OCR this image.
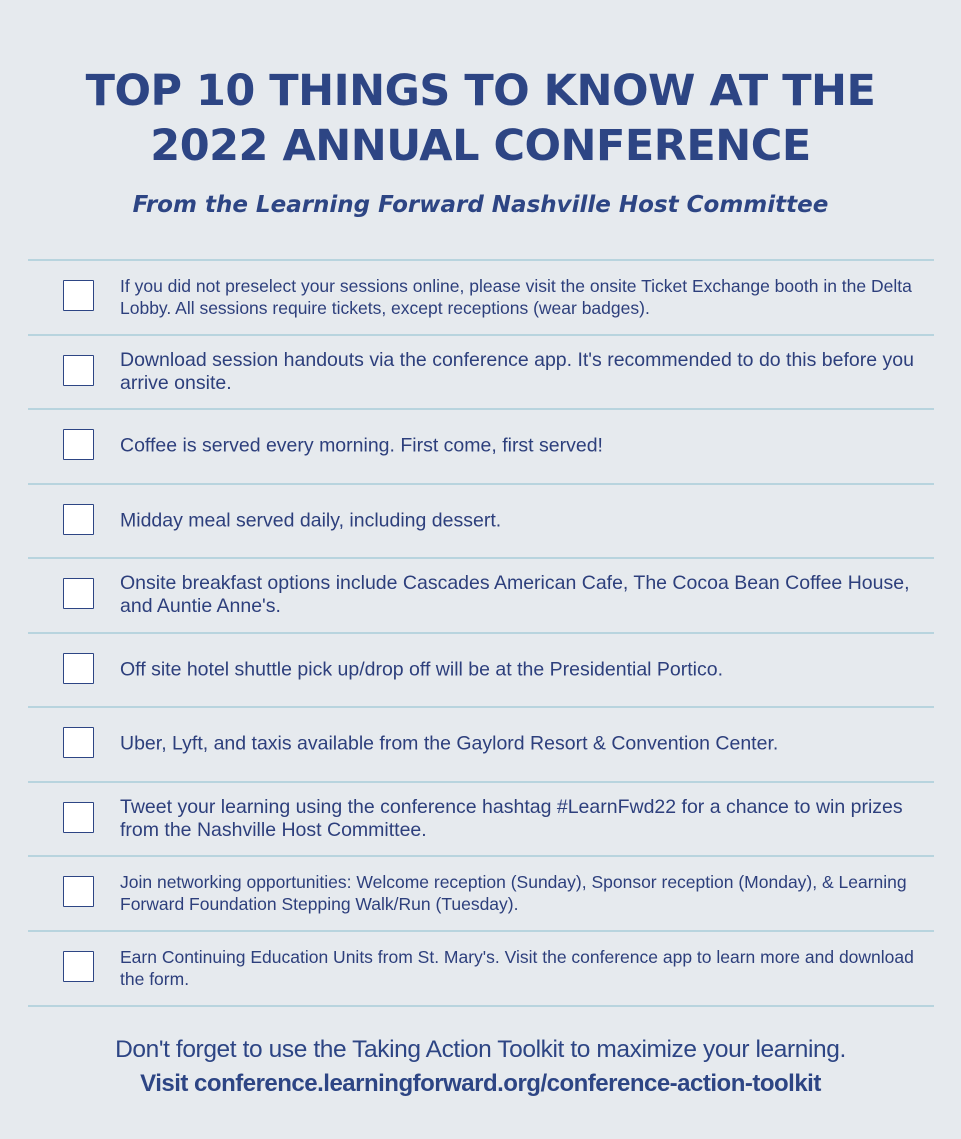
TOP 10 THINGS TO KNOW AT THE
2022 ANNUAL CONFERENCE
From the Learning Forward Nashville Host Committee
If you did not preselect your sessions online, please visit the onsite Ticket Exchange booth in the Delta Lobby. All sessions require tickets, except receptions (wear badges).
Download session handouts via the conference app. It's recommended to do this before you arrive onsite.
Coffee is served every morning. First come, first served!
Midday meal served daily, including dessert.
Onsite breakfast options include Cascades American Cafe, The Cocoa Bean Coffee House, and Auntie Anne's.
Off site hotel shuttle pick up/drop off will be at the Presidential Portico.
Uber, Lyft, and taxis available from the Gaylord Resort & Convention Center.
Tweet your learning using the conference hashtag #LearnFwd22 for a chance to win prizes from the Nashville Host Committee.
Join networking opportunities: Welcome reception (Sunday), Sponsor reception (Monday), & Learning Forward Foundation Stepping Walk/Run (Tuesday).
Earn Continuing Education Units from St. Mary's. Visit the conference app to learn more and download the form.
Don't forget to use the Taking Action Toolkit to maximize your learning.
Visit conference.learningforward.org/conference-action-toolkit
